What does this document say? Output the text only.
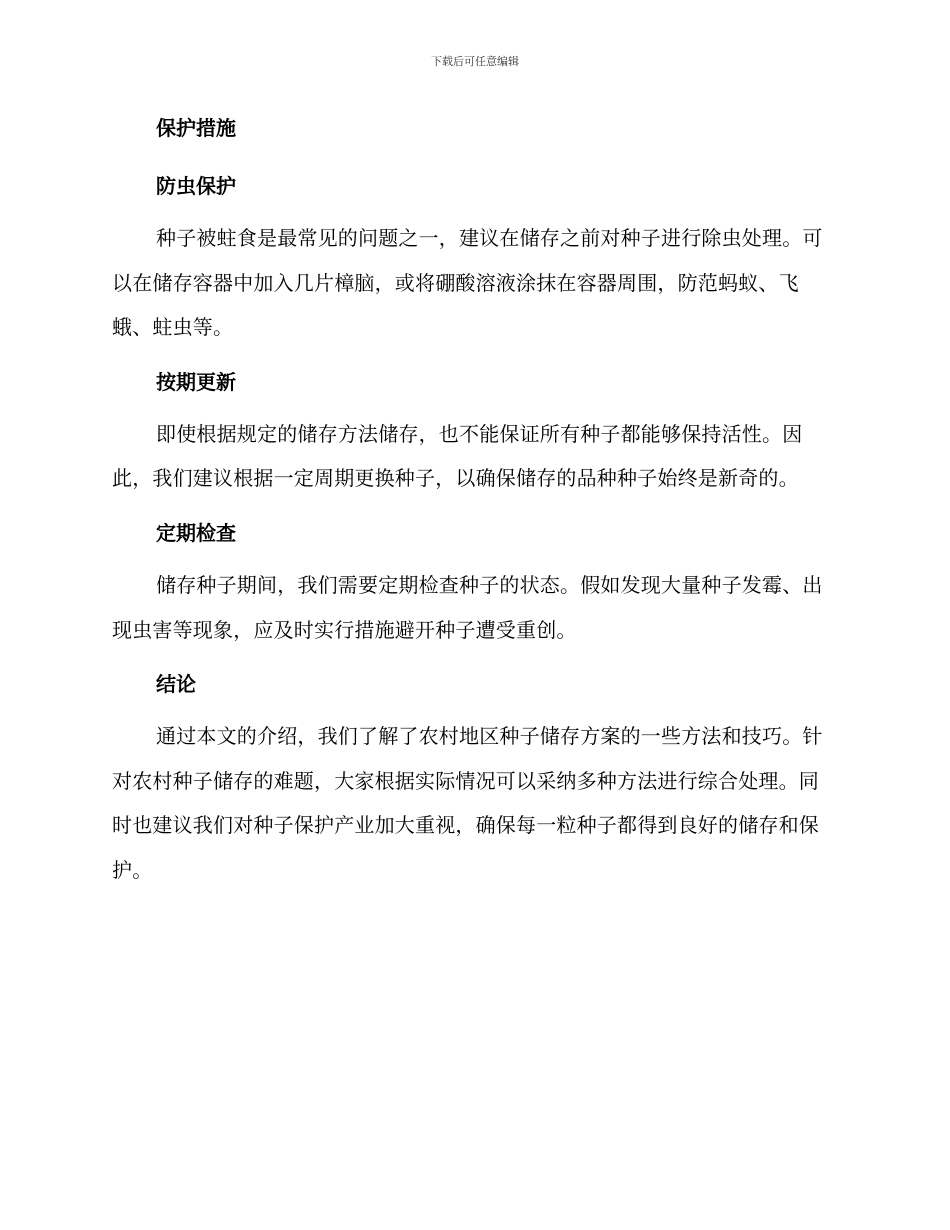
下载后可任意编辑
保护措施
防虫保护

种子被蛀食是最常见的问题之一，建议在储存之前对种子进行除虫处理。可以在储存容器中加入几片樟脑，或将硼酸溶液涂抹在容器周围，防范蚂蚁、飞蛾、蛀虫等。

按期更新

即使根据规定的储存方法储存，也不能保证所有种子都能够保持活性。因此，我们建议根据一定周期更换种子，以确保储存的品种种子始终是新奇的。

定期检查

储存种子期间，我们需要定期检查种子的状态。假如发现大量种子发霉、出现虫害等现象，应及时实行措施避开种子遭受重创。

结论

通过本文的介绍，我们了解了农村地区种子储存方案的一些方法和技巧。针对农村种子储存的难题，大家根据实际情况可以采纳多种方法进行综合处理。同时也建议我们对种子保护产业加大重视，确保每一粒种子都得到良好的储存和保护。
